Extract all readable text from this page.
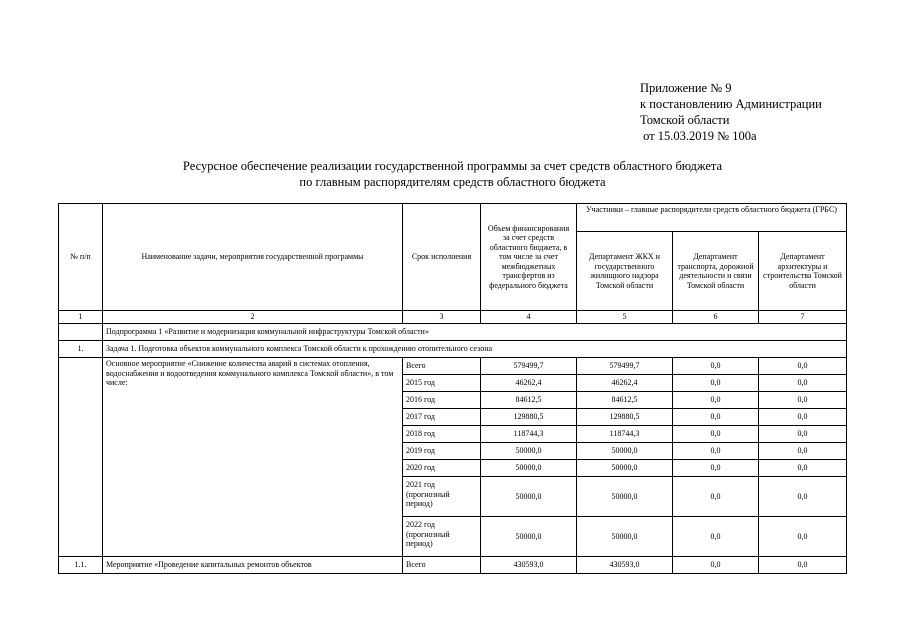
Приложение № 9
к постановлению Администрации
Томской области
от 15.03.2019 № 100а
Ресурсное обеспечение реализации государственной программы за счет средств областного бюджета
по главным распорядителям средств областного бюджета
№ п/п	Наименование задачи, мероприятия государственной программы	Срок исполнения	Объем финансирования за счет средств областного бюджета, в том числе за счет межбюджетных трансфертов из федерального бюджета	Участники – главные распорядители средств областного бюджета (ГРБС)		
				Департамент ЖКХ и государственного жилищного надзора Томской области	Департамент транспорта, дорожной деятельности и связи Томской области	Департамент архитектуры и строительства Томской области
1	2	3	4	5	6	7
	Подпрограмма 1 «Развитие и модернизация коммунальной инфраструктуры Томской области»					
1.	Задача 1. Подготовка объектов коммунального комплекса Томской области к прохождению отопительного сезона					
	Основное мероприятие «Снижение количества аварий в системах отопления, водоснабжения и водоотведения коммунального комплекса Томской области», в том числе:	Всего	579499,7	579499,7	0,0	0,0
		2015 год	46262,4	46262,4	0,0	0,0
		2016 год	84612,5	84612,5	0,0	0,0
		2017 год	129880,5	129880,5	0,0	0,0
		2018 год	118744,3	118744,3	0,0	0,0
		2019 год	50000,0	50000,0	0,0	0,0
		2020 год	50000,0	50000,0	0,0	0,0
		2021 год (прогнозный период)	50000,0	50000,0	0,0	0,0
		2022 год (прогнозный период)	50000,0	50000,0	0,0	0,0
1.1.	Мероприятие «Проведение капитальных ремонтов объектов	Всего	430593,0	430593,0	0,0	0,0
